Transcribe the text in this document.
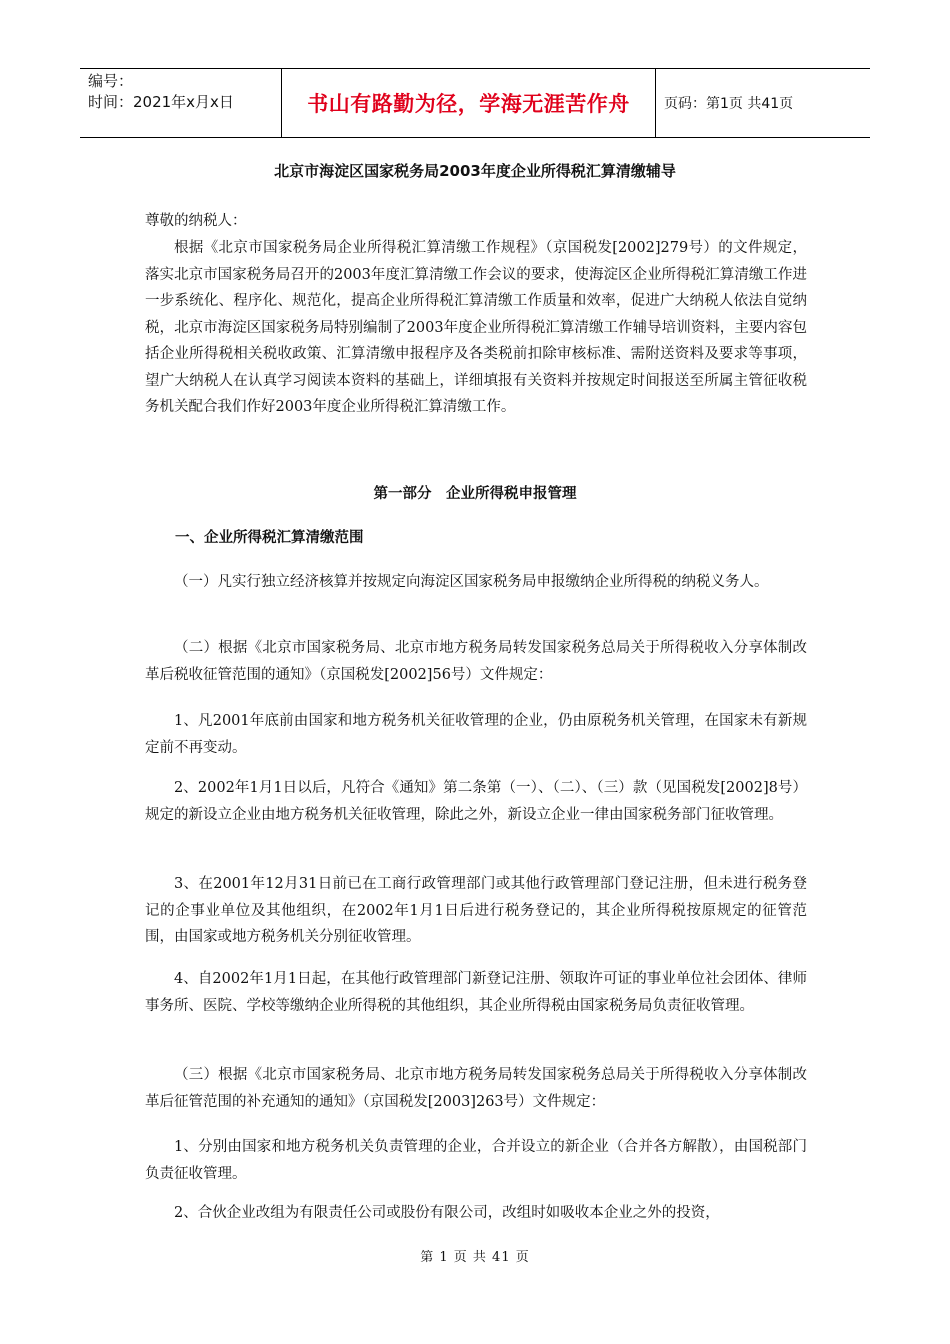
编号：
时间：2021年x月x日	书山有路勤为径，学海无涯苦作舟	页码：第1页 共41页
北京市海淀区国家税务局2003年度企业所得税汇算清缴辅导

尊敬的纳税人：

根据《北京市国家税务局企业所得税汇算清缴工作规程》（京国税发[2002]279号）的文件规定，落实北京市国家税务局召开的2003年度汇算清缴工作会议的要求，使海淀区企业所得税汇算清缴工作进一步系统化、程序化、规范化，提高企业所得税汇算清缴工作质量和效率，促进广大纳税人依法自觉纳税，北京市海淀区国家税务局特别编制了2003年度企业所得税汇算清缴工作辅导培训资料，主要内容包括企业所得税相关税收政策、汇算清缴申报程序及各类税前扣除审核标准、需附送资料及要求等事项，望广大纳税人在认真学习阅读本资料的基础上，详细填报有关资料并按规定时间报送至所属主管征收税务机关配合我们作好2003年度企业所得税汇算清缴工作。

第一部分　企业所得税申报管理
一、企业所得税汇算清缴范围

（一）凡实行独立经济核算并按规定向海淀区国家税务局申报缴纳企业所得税的纳税义务人。

（二）根据《北京市国家税务局、北京市地方税务局转发国家税务总局关于所得税收入分享体制改革后税收征管范围的通知》（京国税发[2002]56号）文件规定：

1、凡2001年底前由国家和地方税务机关征收管理的企业，仍由原税务机关管理，在国家未有新规定前不再变动。

2、2002年1月1日以后，凡符合《通知》第二条第（一）、（二）、（三）款（见国税发[2002]8号）规定的新设立企业由地方税务机关征收管理，除此之外，新设立企业一律由国家税务部门征收管理。

3、在2001年12月31日前已在工商行政管理部门或其他行政管理部门登记注册，但未进行税务登记的企事业单位及其他组织，在2002年1月1日后进行税务登记的，其企业所得税按原规定的征管范围，由国家或地方税务机关分别征收管理。

4、自2002年1月1日起，在其他行政管理部门新登记注册、领取许可证的事业单位社会团体、律师事务所、医院、学校等缴纳企业所得税的其他组织，其企业所得税由国家税务局负责征收管理。

（三）根据《北京市国家税务局、北京市地方税务局转发国家税务总局关于所得税收入分享体制改革后征管范围的补充通知的通知》（京国税发[2003]263号）文件规定：

1、分别由国家和地方税务机关负责管理的企业，合并设立的新企业（合并各方解散），由国税部门负责征收管理。

2、合伙企业改组为有限责任公司或股份有限公司，改组时如吸收本企业之外的投资，

第 1 页 共 41 页
